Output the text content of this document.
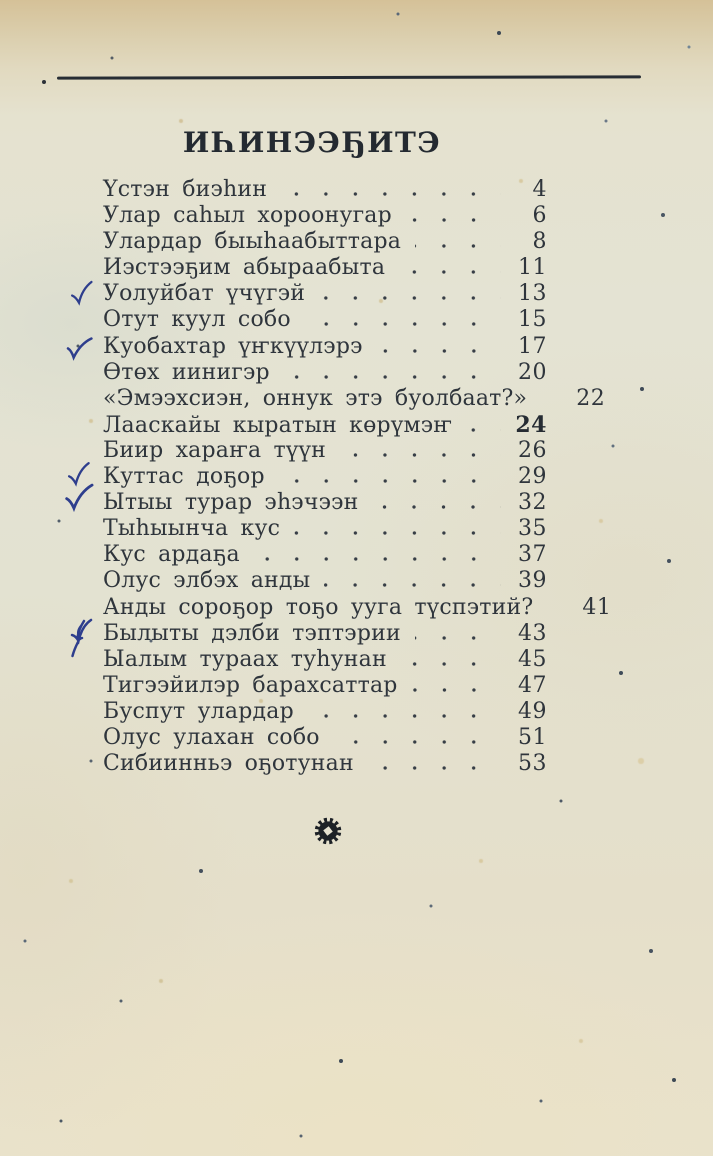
ИҺИНЭЭҔИТЭ
Үстэн биэһин	4
Улар саһыл хороонугар	6
Улардар быыһаабыттара	8
Иэстээҕим абыраабыта	11
Уолуйбат үчүгэй	13
Отут куул собо	15
Куобахтар үҥкүүлэрэ	17
Өтөх иинигэр	20
«Эмээхсиэн, оннук этэ буолбаат?»	22
Лааскайы кыратын көрүмэҥ	24
Биир хараҥа түүн	26
Куттас доҕор	29
Ытыы турар эһэчээн	32
Тыһыынча кус	35
Кус ардаҕа	37
Олус элбэх анды	39
Анды сороҕор тоҕо ууга түспэтий?	41
Былыты дэлби тэптэрии	43
Ыалым тураах туһунан	45
Тигээйилэр барахсаттар	47
Буспут улардар	49
Олус улахан собо	51
Сибиинньэ оҕотунан	53
